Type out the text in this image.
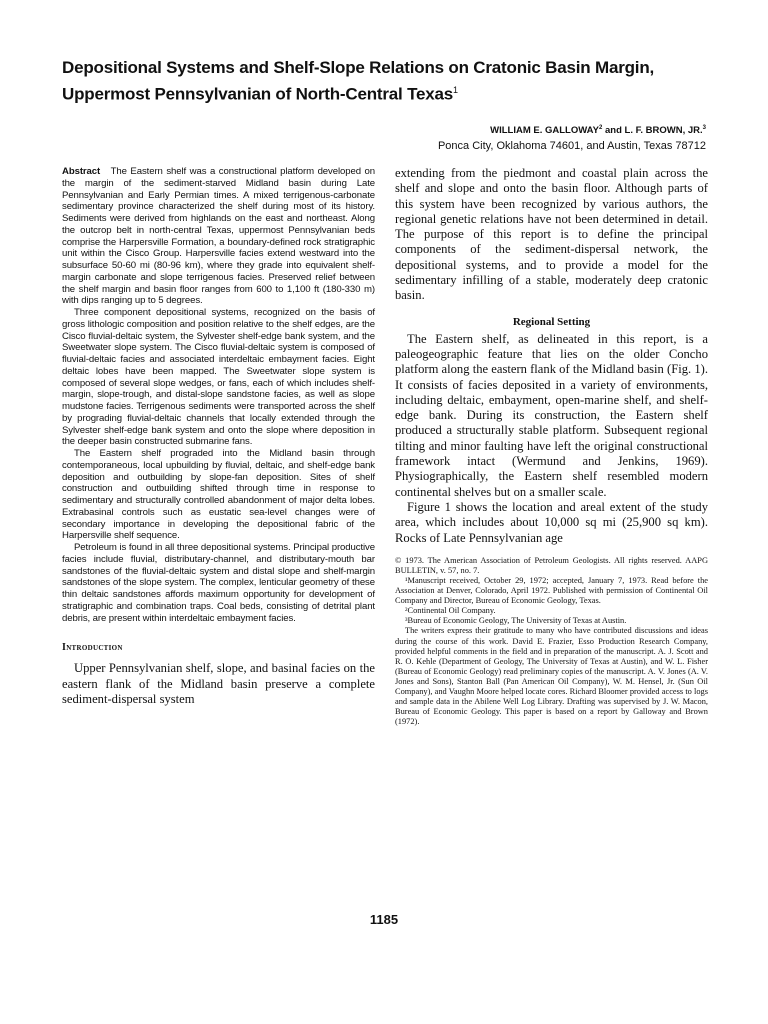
Depositional Systems and Shelf-Slope Relations on Cratonic Basin Margin, Uppermost Pennsylvanian of North-Central Texas$^1$
WILLIAM E. GALLOWAY$^2$ and L. F. BROWN, JR.$^3$
Ponca City, Oklahoma 74601, and Austin, Texas 78712

Abstract The Eastern shelf was a constructional platform developed on the margin of the sediment-starved Midland basin during Late Pennsylvanian and Early Permian times. A mixed terrigenous-carbonate sedimentary province characterized the shelf during most of its history. Sediments were derived from highlands on the east and northeast. Along the outcrop belt in north-central Texas, uppermost Pennsylvanian beds comprise the Harpersville Formation, a boundary-defined rock stratigraphic unit within the Cisco Group. Harpersville facies extend westward into the subsurface 50-60 mi (80-96 km), where they grade into equivalent shelf-margin carbonate and slope terrigenous facies. Preserved relief between the shelf margin and basin floor ranges from 600 to 1,100 ft (180-330 m) with dips ranging up to 5 degrees.

Three component depositional systems, recognized on the basis of gross lithologic composition and position relative to the shelf edges, are the Cisco fluvial-deltaic system, the Sylvester shelf-edge bank system, and the Sweetwater slope system. The Cisco fluvial-deltaic system is composed of fluvial-deltaic facies and associated interdeltaic embayment facies. Eight deltaic lobes have been mapped. The Sweetwater slope system is composed of several slope wedges, or fans, each of which includes shelf-margin, slope-trough, and distal-slope sandstone facies, as well as slope mudstone facies. Terrigenous sediments were transported across the shelf by prograding fluvial-deltaic channels that locally extended through the Sylvester shelf-edge bank system and onto the slope where deposition in the deeper basin constructed submarine fans.

The Eastern shelf prograded into the Midland basin through contemporaneous, local upbuilding by fluvial, deltaic, and shelf-edge bank deposition and outbuilding by slope-fan deposition. Sites of shelf construction and outbuilding shifted through time in response to sedimentary and structurally controlled abandonment of major delta lobes. Extrabasinal controls such as eustatic sea-level changes were of secondary importance in developing the depositional fabric of the Harpersville shelf sequence.

Petroleum is found in all three depositional systems. Principal productive facies include fluvial, distributary-channel, and distributary-mouth bar sandstones of the fluvial-deltaic system and distal slope and shelf-margin sandstones of the slope system. The complex, lenticular geometry of these thin deltaic sandstones affords maximum opportunity for development of stratigraphic and combination traps. Coal beds, consisting of detrital plant debris, are present within interdeltaic embayment facies.

Introduction

Upper Pennsylvanian shelf, slope, and basinal facies on the eastern flank of the Midland basin preserve a complete sediment-dispersal system

extending from the piedmont and coastal plain across the shelf and slope and onto the basin floor. Although parts of this system have been recognized by various authors, the regional genetic relations have not been determined in detail. The purpose of this report is to define the principal components of the sediment-dispersal network, the depositional systems, and to provide a model for the sedimentary infilling of a stable, moderately deep cratonic basin.

Regional Setting

The Eastern shelf, as delineated in this report, is a paleogeographic feature that lies on the older Concho platform along the eastern flank of the Midland basin (Fig. 1). It consists of facies deposited in a variety of environments, including deltaic, embayment, open-marine shelf, and shelf-edge bank. During its construction, the Eastern shelf produced a structurally stable platform. Subsequent regional tilting and minor faulting have left the original constructional framework intact (Wermund and Jenkins, 1969). Physiographically, the Eastern shelf resembled modern continental shelves but on a smaller scale.

Figure 1 shows the location and areal extent of the study area, which includes about 10,000 sq mi (25,900 sq km). Rocks of Late Pennsylvanian age

© 1973. The American Association of Petroleum Geologists. All rights reserved. AAPG BULLETIN, v. 57, no. 7.

¹Manuscript received, October 29, 1972; accepted, January 7, 1973. Read before the Association at Denver, Colorado, April 1972. Published with permission of Continental Oil Company and Director, Bureau of Economic Geology, Texas.

²Continental Oil Company.

³Bureau of Economic Geology, The University of Texas at Austin.

The writers express their gratitude to many who have contributed discussions and ideas during the course of this work. David E. Frazier, Esso Production Research Company, provided helpful comments in the field and in preparation of the manuscript. A. J. Scott and R. O. Kehle (Department of Geology, The University of Texas at Austin), and W. L. Fisher (Bureau of Economic Geology) read preliminary copies of the manuscript. A. V. Jones (A. V. Jones and Sons), Stanton Ball (Pan American Oil Company), W. M. Hensel, Jr. (Sun Oil Company), and Vaughn Moore helped locate cores. Richard Bloomer provided access to logs and sample data in the Abilene Well Log Library. Drafting was supervised by J. W. Macon, Bureau of Economic Geology. This paper is based on a report by Galloway and Brown (1972).

1185
